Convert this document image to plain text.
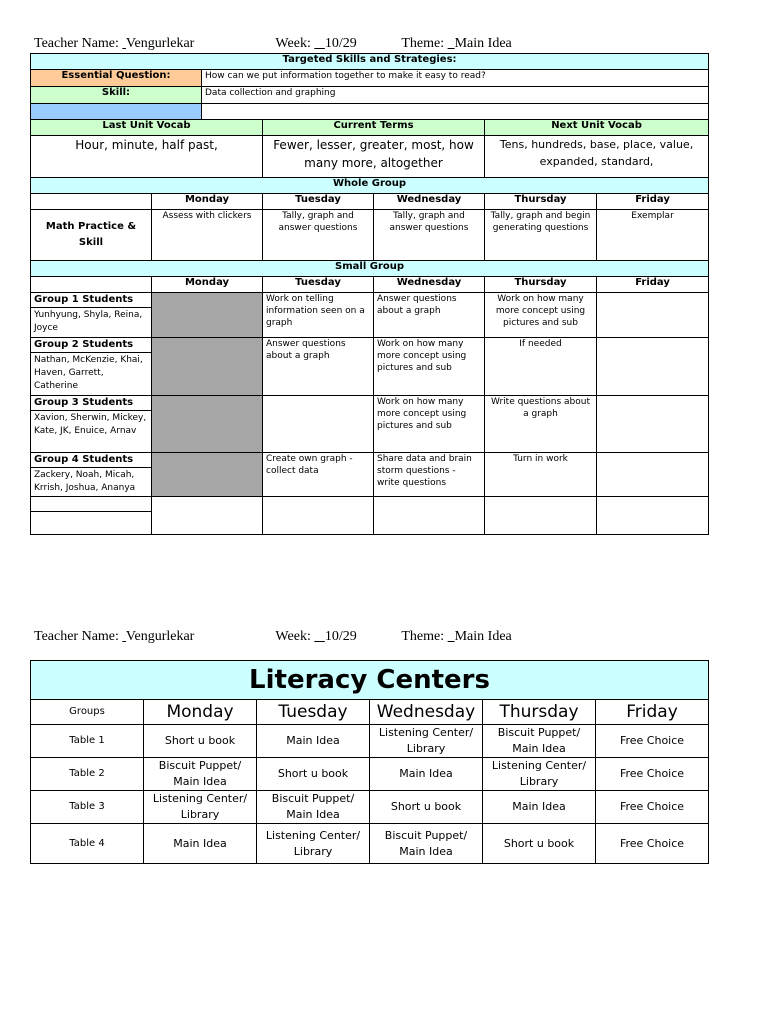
Teacher Name: Vengurlekar	Week: 10/29	Theme: Main Idea
Targeted Skills and Strategies:						
Essential Question:		How can we put information together to make it easy to read?				
Skill:		Data collection and graphing				

Last Unit Vocab			Current Terms		Next Unit Vocab	
Hour, minute, half past,			Fewer, lesser, greater, most, how many more, altogether		Tens, hundreds, base, place, value, expanded, standard,	
Whole Group						
	Monday		Tuesday	Wednesday	Thursday	Friday
Math Practice & Skill	Assess with clickers		Tally, graph and answer questions	Tally, graph and answer questions	Tally, graph and begin generating questions	Exemplar
Small Group						
	Monday		Tuesday	Wednesday	Thursday	Friday

Group 1 Students
Yunhyung, Shyla, Reina, Joyce			Work on telling information seen on a graph	Answer questions about a graph	Work on how many more concept using pictures and sub	

Group 2 Students
Nathan, McKenzie, Khai, Haven, Garrett, Catherine			Answer questions about a graph	Work on how many more concept using pictures and sub	If needed	

Group 3 Students
Xavion, Sherwin, Mickey, Kate, JK, Enuice, Arnav				Work on how many more concept using pictures and sub	Write questions about a graph	

Group 4 Students
Zackery, Noah, Micah, Krrish, Joshua, Ananya			Create own graph - collect data	Share data and brain storm questions - write questions	Turn in work	

Teacher Name: Vengurlekar	Week: 10/29	Theme: Main Idea
Literacy Centers					
Groups	Monday	Tuesday	Wednesday	Thursday	Friday
Table 1	Short u book	Main Idea	Listening Center/ Library	Biscuit Puppet/ Main Idea	Free Choice
Table 2	Biscuit Puppet/ Main Idea	Short u book	Main Idea	Listening Center/ Library	Free Choice
Table 3	Listening Center/ Library	Biscuit Puppet/ Main Idea	Short u book	Main Idea	Free Choice
Table 4	Main Idea	Listening Center/ Library	Biscuit Puppet/ Main Idea	Short u book	Free Choice
